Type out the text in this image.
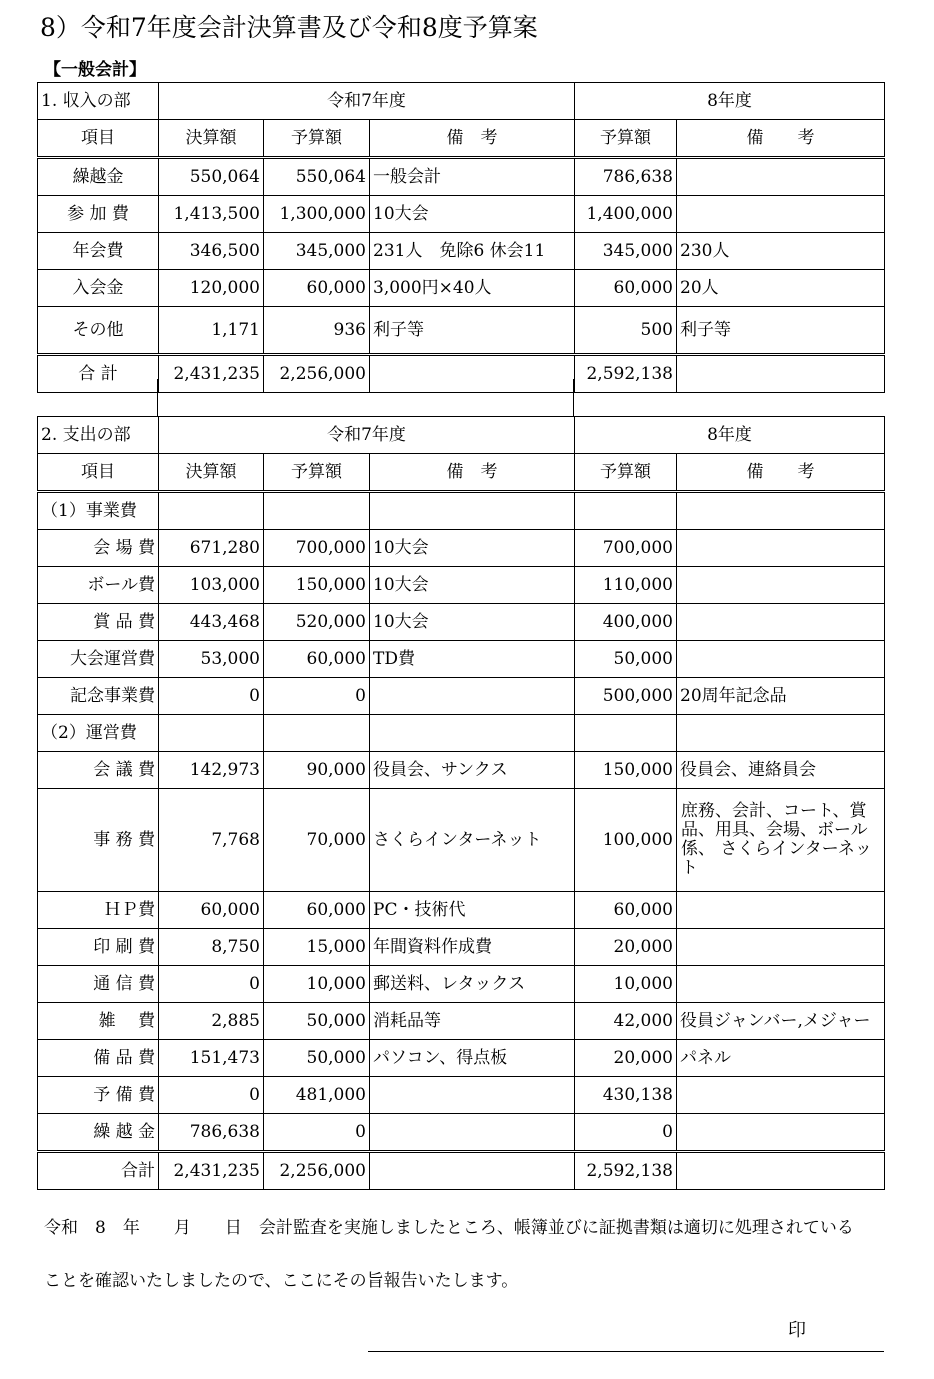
8）令和7年度会計決算書及び令和8度予算案
【一般会計】
1. 収入の部	令和7年度			8年度	
項目	決算額	予算額	備　考	予算額	備　　考
繰越金	550,064	550,064	一般会計	786,638	
参 加 費	1,413,500	1,300,000	10大会	1,400,000	
年会費	346,500	345,000	231人　免除6 休会11	345,000	230人
入会金	120,000	60,000	3,000円×40人	60,000	20人
その他	1,171	936	利子等	500	利子等
合 計	2,431,235	2,256,000		2,592,138	
2. 支出の部	令和7年度			8年度	
項目	決算額	予算額	備　考	予算額	備　　考
（1）事業費					
会 場 費	671,280	700,000	10大会	700,000	
ボール費	103,000	150,000	10大会	110,000	
賞 品 費	443,468	520,000	10大会	400,000	
大会運営費	53,000	60,000	TD費	50,000	
記念事業費	0	0		500,000	20周年記念品
（2）運営費					
会 議 費	142,973	90,000	役員会、サンクス	150,000	役員会、連絡員会
事 務 費	7,768	70,000	さくらインターネット	100,000	庶務、会計、コート、賞品、用具、会場、ボール係、 さくらインターネット
ＨＰ費	60,000	60,000	PC・技術代	60,000	
印 刷 費	8,750	15,000	年間資料作成費	20,000	
通 信 費	0	10,000	郵送料、レタックス	10,000	
雑　 費	2,885	50,000	消耗品等	42,000	役員ジャンバー,メジャー
備 品 費	151,473	50,000	パソコン、得点板	20,000	パネル
予 備 費	0	481,000		430,138	
繰 越 金	786,638	0		0	
合計	2,431,235	2,256,000		2,592,138	
令和　8　年　　月　　日　会計監査を実施しましたところ、帳簿並びに証拠書類は適切に処理されている
ことを確認いたしましたので、ここにその旨報告いたします。
印
